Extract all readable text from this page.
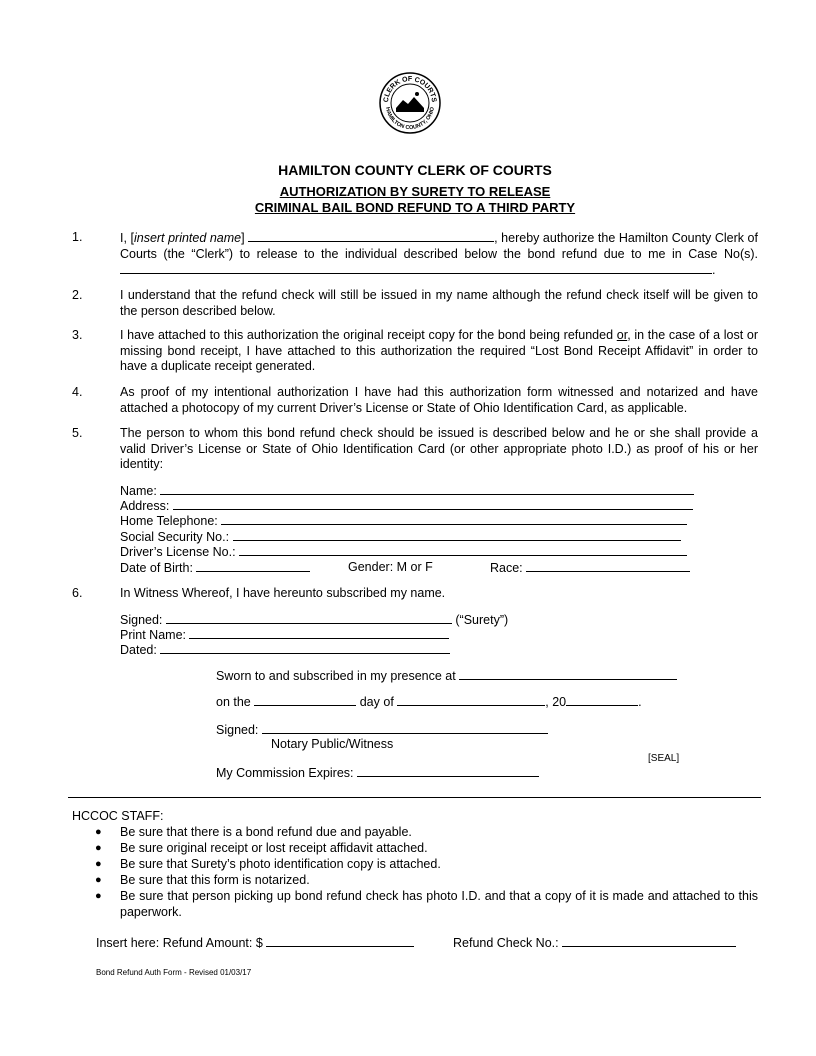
CLERK OF COURTS
HAMILTON COUNTY, OHIO
HAMILTON COUNTY CLERK OF COURTS
AUTHORIZATION BY SURETY TO RELEASE
CRIMINAL BAIL BOND REFUND TO A THIRD PARTY
1.	I, [insert printed name]	, hereby authorize the Hamilton County Clerk of Courts (the “Clerk”) to release to the individual described below the bond refund due to me in Case No(s). .
2.	I understand that the refund check will still be issued in my name although the refund check itself will be given to the person described below.
3.	I have attached to this authorization the original receipt copy for the bond being refunded or, in the case of a lost or missing bond receipt, I have attached to this authorization the required “Lost Bond Receipt Affidavit” in order to have a duplicate receipt generated.
4.	As proof of my intentional authorization I have had this authorization form witnessed and notarized and have attached a photocopy of my current Driver’s License or State of Ohio Identification Card, as applicable.
5.	The person to whom this bond refund check should be issued is described below and he or she shall provide a valid Driver’s License or State of Ohio Identification Card (or other appropriate photo I.D.) as proof of his or her identity:
Name:
Address:
Home Telephone:
Social Security No.:
Driver’s License No.:
Date of Birth:	Gender: M or F	Race:
6.	In Witness Whereof, I have hereunto subscribed my name.
Signed:	(“Surety”)
Print Name:
Dated:
Sworn to and subscribed in my presence at
on the	day of	, 20	.
Signed:
Notary Public/Witness
[SEAL]
My Commission Expires:
HCCOC STAFF:
● Be sure that there is a bond refund due and payable.
● Be sure original receipt or lost receipt affidavit attached.
● Be sure that Surety’s photo identification copy is attached.
● Be sure that this form is notarized.
● Be sure that person picking up bond refund check has photo I.D. and that a copy of it is made and attached to this paperwork.
Insert here: Refund Amount: $	Refund Check No.:
Bond Refund Auth Form - Revised 01/03/17
